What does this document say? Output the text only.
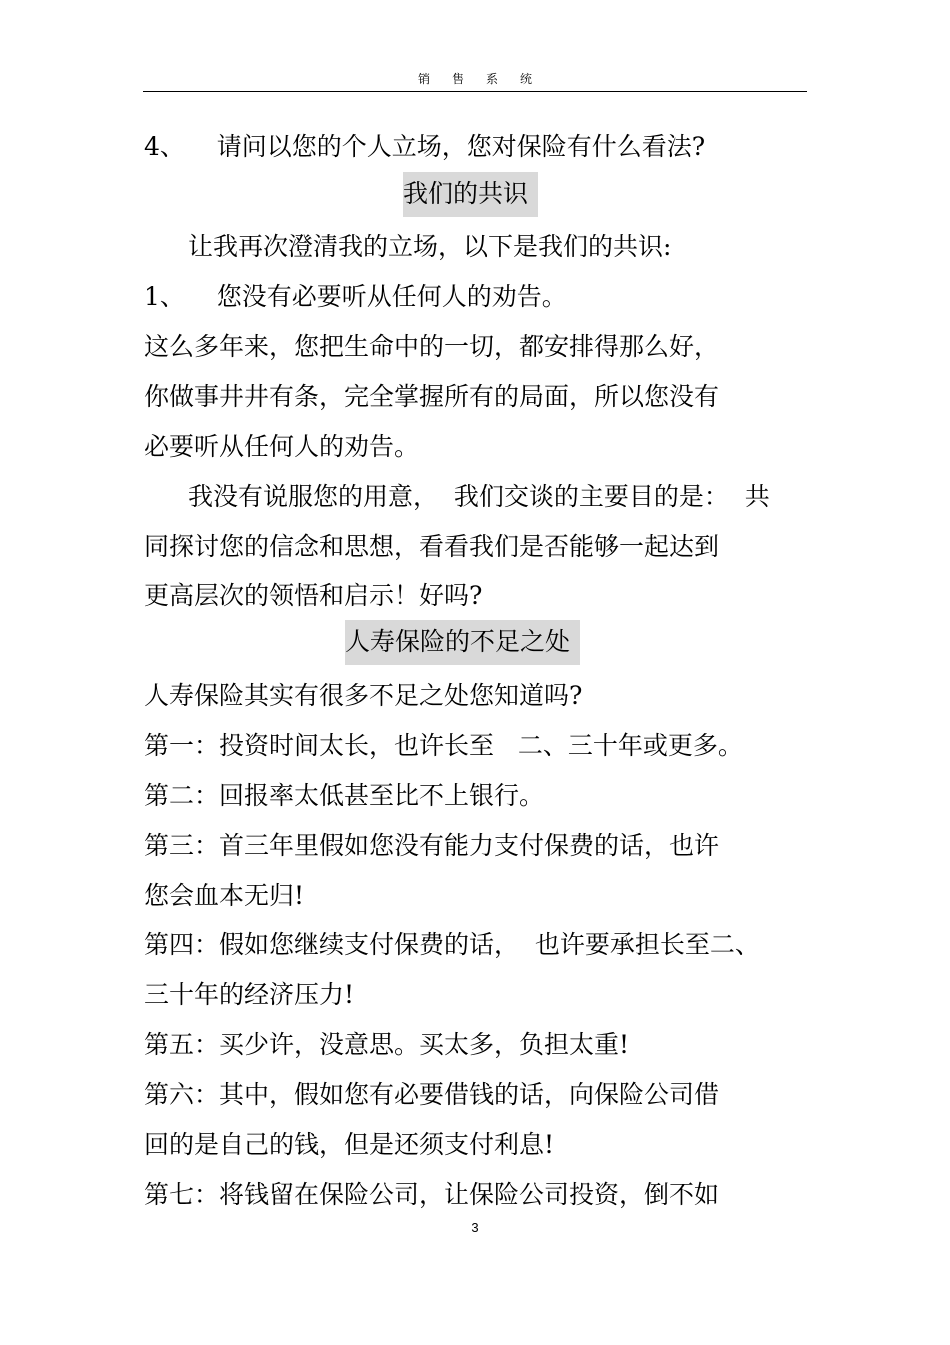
销售系统
4、    请问以您的个人立场，您对保险有什么看法?
我们的共识
让我再次澄清我的立场，以下是我们的共识:
1、    您没有必要听从任何人的劝告。
这么多年来，您把生命中的一切，都安排得那么好，
你做事井井有条，完全掌握所有的局面，所以您没有
必要听从任何人的劝告。
我没有说服您的用意，  我们交谈的主要目的是：  共
同探讨您的信念和思想，看看我们是否能够一起达到
更高层次的领悟和启示！好吗?
人寿保险的不足之处
人寿保险其实有很多不足之处您知道吗?
第一：投资时间太长，也许长至   二、三十年或更多。
第二：回报率太低甚至比不上银行。
第三：首三年里假如您没有能力支付保费的话，也许
您会血本无归!
第四：假如您继续支付保费的话，  也许要承担长至二、
三十年的经济压力!
第五：买少许，没意思。买太多，负担太重!
第六：其中，假如您有必要借钱的话，向保险公司借
回的是自己的钱，但是还须支付利息!
第七：将钱留在保险公司，让保险公司投资，倒不如
3
